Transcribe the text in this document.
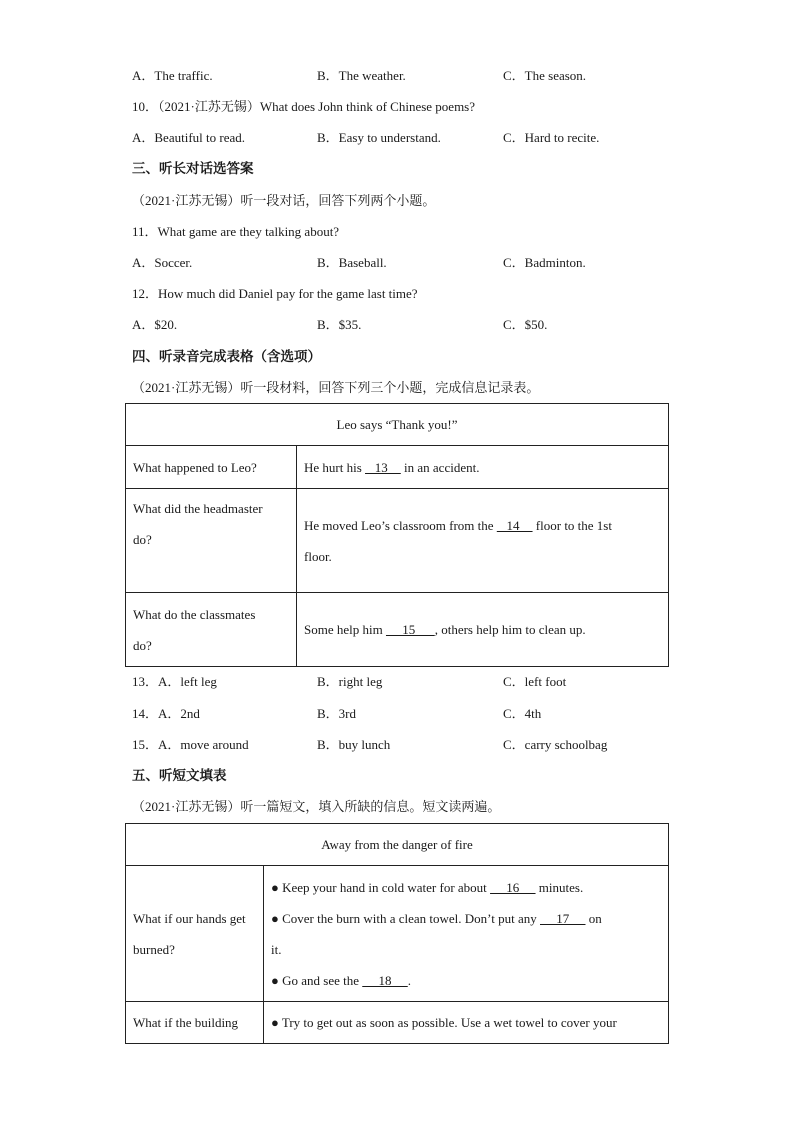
A．The traffic.	B．The weather.	C．The season.
10．（2021·江苏无锡）What does John think of Chinese poems?
A．Beautiful to read.	B．Easy to understand.	C．Hard to recite.
三、听长对话选答案
（2021·江苏无锡）听一段对话，回答下列两个小题。
11．What game are they talking about?
A．Soccer.	B．Baseball.	C．Badminton.
12．How much did Daniel pay for the game last time?
A．$20.	B．$35.	C．$50.
四、听录音完成表格（含选项）
（2021·江苏无锡）听一段材料，回答下列三个小题，完成信息记录表。
Leo says “Thank you!”	
What happened to Leo?	He hurt his    13     in an accident.

What did the headmaster
do?	He moved Leo’s classroom from the    14     floor to the 1st
floor.

What do the classmates
do?	Some help him      15      , others help him to clean up.
13．A．left leg	B．right leg	C．left foot
14．A．2nd	B．3rd	C．4th
15．A．move around	B．buy lunch	C．carry schoolbag
五、听短文填表
（2021·江苏无锡）听一篇短文，填入所缺的信息。短文读两遍。
Away from the danger of fire	

What if our hands get
burned?	● Keep your hand in cold water for about      16      minutes.
● Cover the burn with a clean towel. Don’t put any      17      on
it.
● Go and see the      18     .

What if the building	● Try to get out as soon as possible. Use a wet towel to cover your
